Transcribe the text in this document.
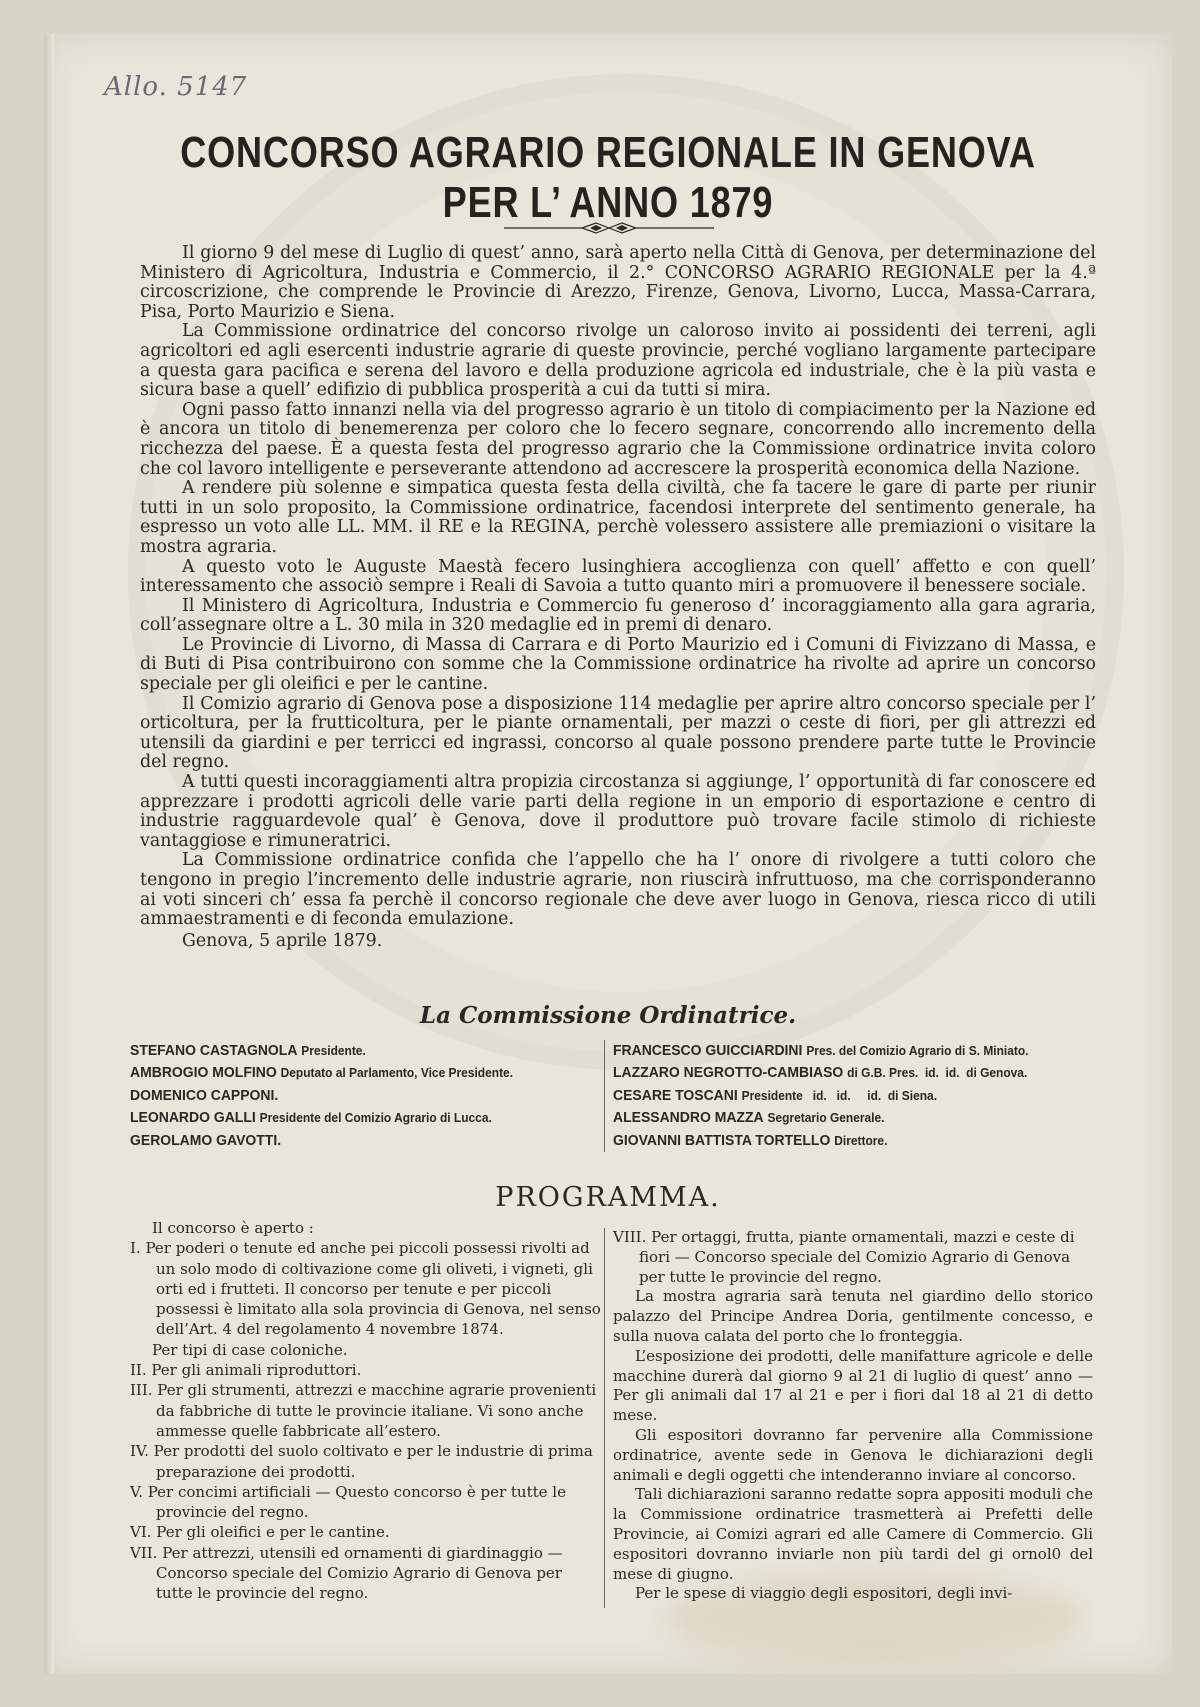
Allo. 5147
CONCORSO AGRARIO REGIONALE IN GENOVA PER L’ ANNO 1879

Il giorno 9 del mese di Luglio di quest’ anno, sarà aperto nella Città di Genova, per determinazione del Ministero di Agricoltura, Industria e Commercio, il 2.° CONCORSO AGRARIO REGIONALE per la 4.ª circoscrizione, che comprende le Provincie di Arezzo, Firenze, Genova, Livorno, Lucca, Massa-Carrara, Pisa, Porto Maurizio e Siena.

La Commissione ordinatrice del concorso rivolge un caloroso invito ai possidenti dei terreni, agli agricoltori ed agli esercenti industrie agrarie di queste provincie, perché vogliano largamente partecipare a questa gara pacifica e serena del lavoro e della produzione agricola ed industriale, che è la più vasta e sicura base a quell’ edifizio di pubblica prosperità a cui da tutti si mira.

Ogni passo fatto innanzi nella via del progresso agrario è un titolo di compiacimento per la Nazione ed è ancora un titolo di benemerenza per coloro che lo fecero segnare, concorrendo allo incremento della ricchezza del paese. È a questa festa del progresso agrario che la Commissione ordinatrice invita coloro che col lavoro intelligente e perseverante attendono ad accrescere la prosperità economica della Nazione.

A rendere più solenne e simpatica questa festa della civiltà, che fa tacere le gare di parte per riunir tutti in un solo proposito, la Commissione ordinatrice, facendosi interprete del sentimento generale, ha espresso un voto alle LL. MM. il RE e la REGINA, perchè volessero assistere alle premiazioni o visitare la mostra agraria.

A questo voto le Auguste Maestà fecero lusinghiera accoglienza con quell’ affetto e con quell’ interessamento che associò sempre i Reali di Savoia a tutto quanto miri a promuovere il benessere sociale.

Il Ministero di Agricoltura, Industria e Commercio fu generoso d’ incoraggiamento alla gara agraria, coll’assegnare oltre a L. 30 mila in 320 medaglie ed in premi di denaro.

Le Provincie di Livorno, di Massa di Carrara e di Porto Maurizio ed i Comuni di Fivizzano di Massa, e di Buti di Pisa contribuirono con somme che la Commissione ordinatrice ha rivolte ad aprire un concorso speciale per gli oleifici e per le cantine.

Il Comizio agrario di Genova pose a disposizione 114 medaglie per aprire altro concorso speciale per l’ orticoltura, per la frutticoltura, per le piante ornamentali, per mazzi o ceste di fiori, per gli attrezzi ed utensili da giardini e per terricci ed ingrassi, concorso al quale possono prendere parte tutte le Provincie del regno.

A tutti questi incoraggiamenti altra propizia circostanza si aggiunge, l’ opportunità di far conoscere ed apprezzare i prodotti agricoli delle varie parti della regione in un emporio di esportazione e centro di industrie ragguardevole qual’ è Genova, dove il produttore può trovare facile stimolo di richieste vantaggiose e rimuneratrici.

La Commissione ordinatrice confida che l’appello che ha l’ onore di rivolgere a tutti coloro che tengono in pregio l’incremento delle industrie agrarie, non riuscirà infruttuoso, ma che corrisponderanno ai voti sinceri ch’ essa fa perchè il concorso regionale che deve aver luogo in Genova, riesca ricco di utili ammaestramenti e di feconda emulazione.

Genova, 5 aprile 1879.

La Commissione Ordinatrice.
STEFANO CASTAGNOLA Presidente.
AMBROGIO MOLFINO Deputato al Parlamento, Vice Presidente.
DOMENICO CAPPONI.
LEONARDO GALLI Presidente del Comizio Agrario di Lucca.
GEROLAMO GAVOTTI.
FRANCESCO GUICCIARDINI Pres. del Comizio Agrario di S. Miniato.
LAZZARO NEGROTTO-CAMBIASO di G.B. Pres.  id.  id.  di Genova.
CESARE TOSCANI Presidente   id.   id.     id.  di Siena.
ALESSANDRO MAZZA Segretario Generale.
GIOVANNI BATTISTA TORTELLO Direttore.
PROGRAMMA.

Il concorso è aperto :

I. Per poderi o tenute ed anche pei piccoli possessi rivolti ad un solo modo di coltivazione come gli oliveti, i vigneti, gli orti ed i frutteti. Il concorso per tenute e per piccoli possessi è limitato alla sola provincia di Genova, nel senso dell’Art. 4 del regolamento 4 novembre 1874.

Per tipi di case coloniche.

II. Per gli animali riproduttori.

III. Per gli strumenti, attrezzi e macchine agrarie provenienti da fabbriche di tutte le provincie italiane. Vi sono anche ammesse quelle fabbricate all’estero.

IV. Per prodotti del suolo coltivato e per le industrie di prima preparazione dei prodotti.

V. Per concimi artificiali — Questo concorso è per tutte le provincie del regno.

VI. Per gli oleifici e per le cantine.

VII. Per attrezzi, utensili ed ornamenti di giardinaggio — Concorso speciale del Comizio Agrario di Genova per tutte le provincie del regno.

VIII. Per ortaggi, frutta, piante ornamentali, mazzi e ceste di fiori — Concorso speciale del Comizio Agrario di Genova per tutte le provincie del regno.

La mostra agraria sarà tenuta nel giardino dello storico palazzo del Principe Andrea Doria, gentilmente concesso, e sulla nuova calata del porto che lo fronteggia.

L’esposizione dei prodotti, delle manifatture agricole e delle macchine durerà dal giorno 9 al 21 di luglio di quest’ anno — Per gli animali dal 17 al 21 e per i fiori dal 18 al 21 di detto mese.

Gli espositori dovranno far pervenire alla Commissione ordinatrice, avente sede in Genova le dichiarazioni degli animali e degli oggetti che intenderanno inviare al concorso.

Tali dichiarazioni saranno redatte sopra appositi moduli che la Commissione ordinatrice trasmetterà ai Prefetti delle Provincie, ai Comizi agrari ed alle Camere di Commercio. Gli espositori dovranno inviarle non più tardi del gi ornol0 del mese di giugno.

Per le spese di viaggio degli espositori, degli invi-
